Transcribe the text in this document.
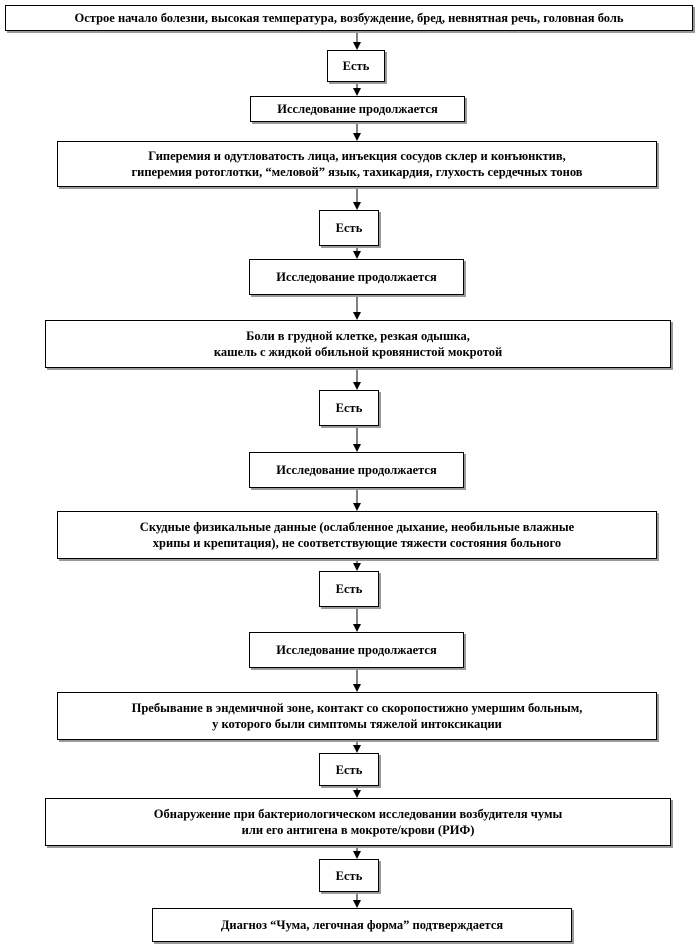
Острое начало болезни, высокая температура, возбуждение, бред, невнятная речь, головная боль
Есть
Исследование продолжается
Гиперемия и одутловатость лица, инъекция сосудов склер и конъюнктив,
гиперемия ротоглотки, “меловой” язык, тахикардия, глухость сердечных тонов
Есть
Исследование продолжается
Боли в грудной клетке, резкая одышка,
кашель с жидкой обильной кровянистой мокротой
Есть
Исследование продолжается
Скудные физикальные данные (ослабленное дыхание, необильные влажные
хрипы и крепитация), не соответствующие тяжести состояния больного
Есть
Исследование продолжается
Пребывание в эндемичной зоне, контакт со скоропостижно умершим больным,
у которого были симптомы тяжелой интоксикации
Есть
Обнаружение при бактериологическом исследовании возбудителя чумы
или его антигена в мокроте/крови (РИФ)
Есть
Диагноз “Чума, легочная форма” подтверждается
